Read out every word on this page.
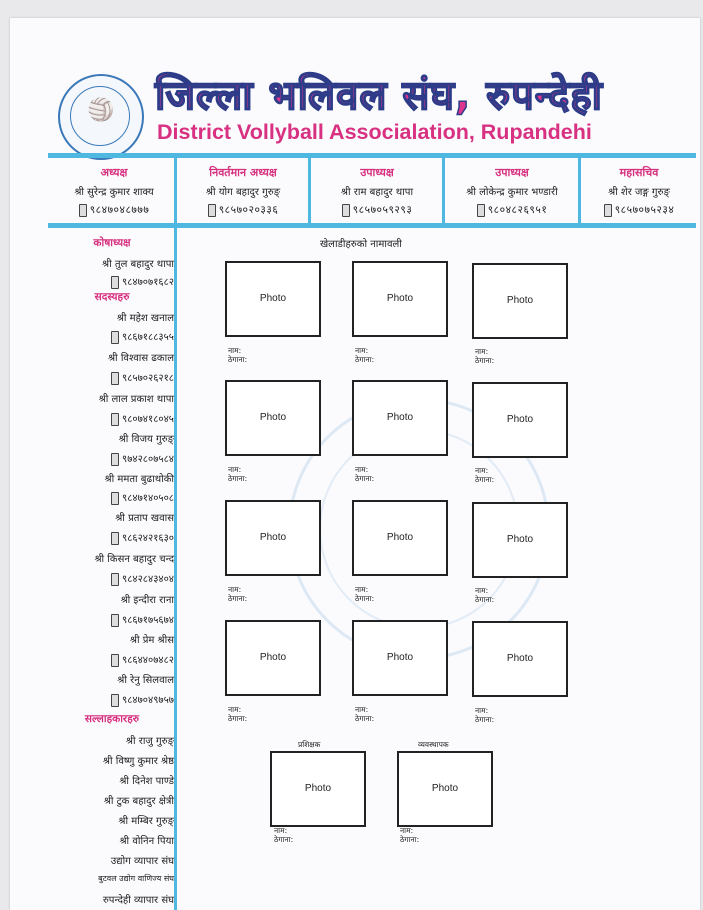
🏐	जिल्ला भलिवल संघ, रुपन्देही
District Vollyball Associalation, Rupandehi
अध्यक्ष
श्री सुरेन्द्र कुमार शाक्य
९८४७०४८७७७
निवर्तमान अध्यक्ष
श्री योग बहादुर गुरुङ्
९८५७०२०३३६
उपाध्यक्ष
श्री राम बहादुर थापा
९८५७०५९२९३
उपाध्यक्ष
श्री लोकेन्द्र कुमार भण्डारी
९८०४८२६९५१
महासचिव
श्री शेर जङ्ग गुरुङ्
९८५७०७५२३४
कोषाध्यक्ष
श्री तुल बहादुर थापा
९८४७०७१६८२
सदस्यहरु
श्री महेश खनाल
९८६७१८८३५५
श्री विश्वास ढकाल
९८५७०२६२१८
श्री लाल प्रकाश थापा
९८०७४१८०४५
श्री विजय गुरुङ्
९७४२८०७५८४
श्री ममता बुढाथोकी
९८४७१४०५०८
श्री प्रताप खवास
९८६२४२१६३०
श्री किसन बहादुर चन्द
९८४२८४३४०४
श्री इन्दीरा राना
९८६७१७५६७४
श्री प्रेम श्रीस
९८६४४०७४८२
श्री रेनु सिलवाल
९८४७०४९७५७
सल्लाहकारहरु
श्री राजु गुरुङ्
श्री विष्णु कुमार श्रेष्ठ
श्री दिनेश पाण्डे
श्री टुक बहादुर क्षेत्री
श्री मम्बिर गुरुङ्
श्री वोनिन पिया
उद्योग व्यापार संघ
बुटवल उद्योग वाणिज्य संघ
रुपन्देही व्यापार संघ
खेलाडीहरुको नामावली
Photo	Photo	Photo
नाम:
ठेगाना:
नाम:
ठेगाना:
नाम:
ठेगाना:
Photo	Photo	Photo
नाम:
ठेगाना:
नाम:
ठेगाना:
नाम:
ठेगाना:
Photo	Photo	Photo
नाम:
ठेगाना:
नाम:
ठेगाना:
नाम:
ठेगाना:
Photo	Photo	Photo
नाम:
ठेगाना:
नाम:
ठेगाना:
नाम:
ठेगाना:
प्रशिक्षक	व्यवस्थापक
Photo	Photo
नाम:
ठेगाना:
नाम:
ठेगाना:
